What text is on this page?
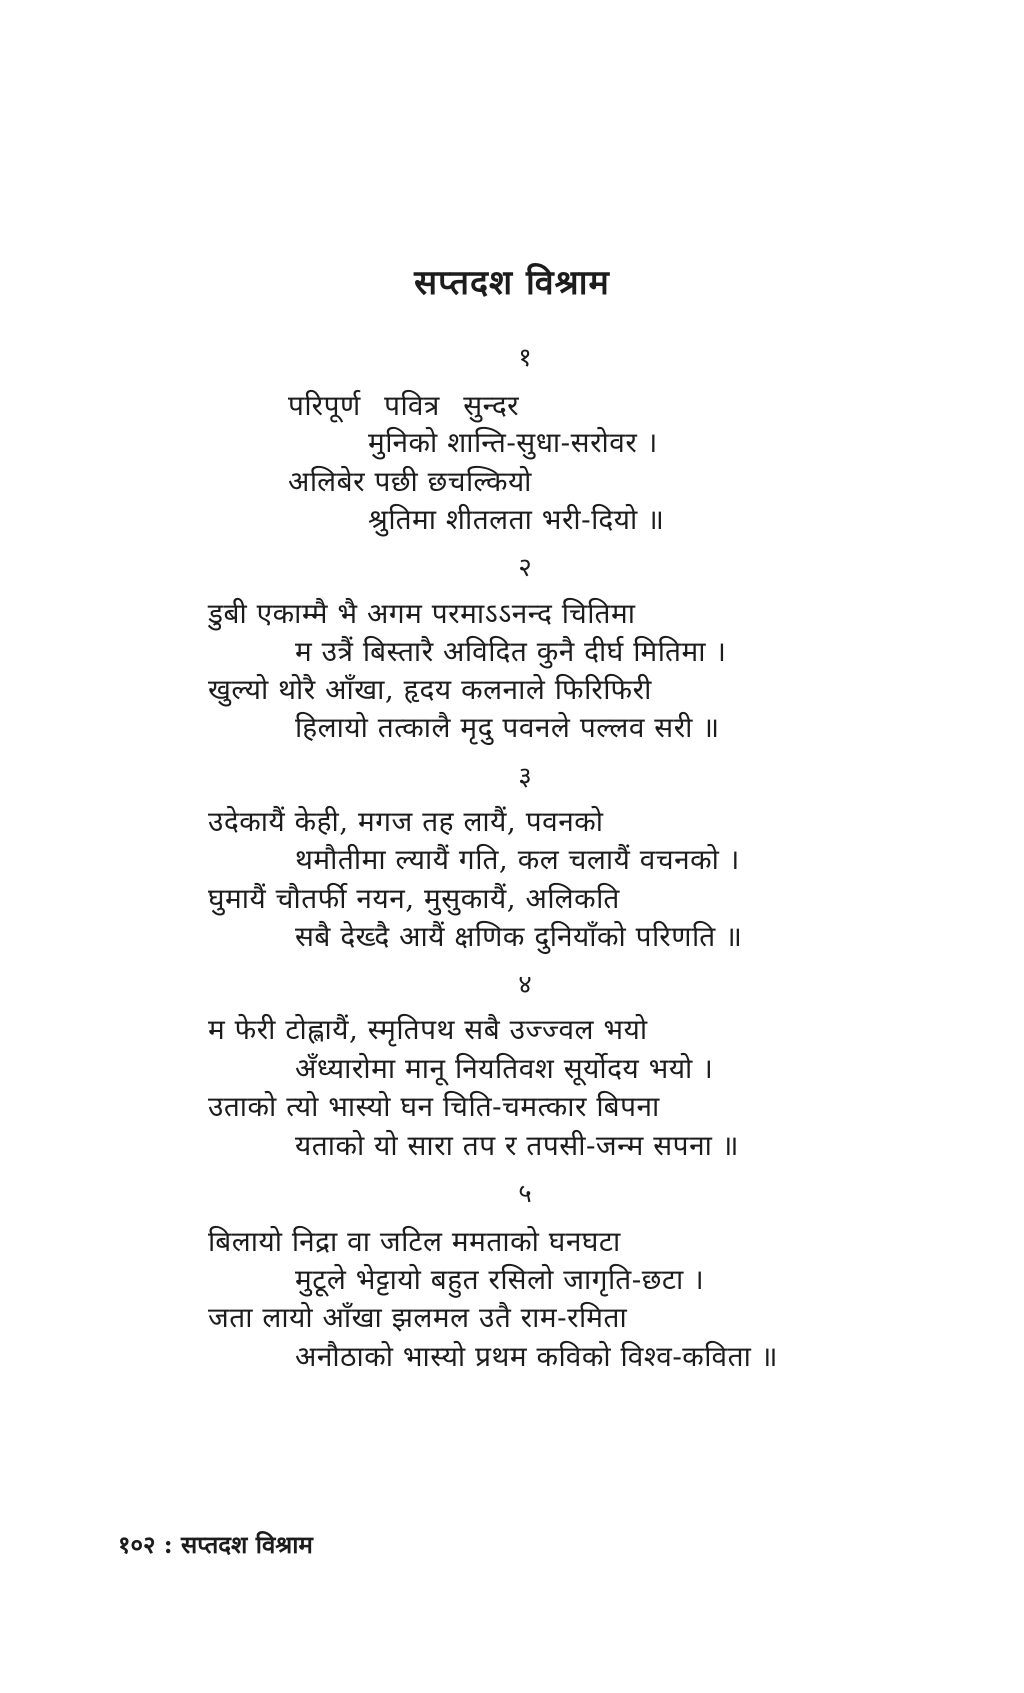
सप्तदश विश्राम
१
परिपूर्ण पवित्र सुन्दर
मुनिको शान्ति-सुधा-सरोवर ।
अलिबेर पछी छचल्कियो
श्रुतिमा शीतलता भरी-दियो ॥
२
डुबी एकाम्मै भै अगम परमाऽऽनन्द चितिमा
म उत्रैं बिस्तारै अविदित कुनै दीर्घ मितिमा ।
खुल्यो थोरै आँखा, हृदय कलनाले फिरिफिरी
हिलायो तत्कालै मृदु पवनले पल्लव सरी ॥
३
उदेकायैं केही, मगज तह लायैं, पवनको
थमौतीमा ल्यायैं गति, कल चलायैं वचनको ।
घुमायैं चौतर्फी नयन, मुसुकायैं, अलिकति
सबै देख्दै आयैं क्षणिक दुनियाँको परिणति ॥
४
म फेरी टोह्लायैं, स्मृतिपथ सबै उज्ज्वल भयो
अँध्यारोमा मानू नियतिवश सूर्योदय भयो ।
उताको त्यो भास्यो घन चिति-चमत्कार बिपना
यताको यो सारा तप र तपसी-जन्म सपना ॥
५
बिलायो निद्रा वा जटिल ममताको घनघटा
मुटूले भेट्टायो बहुत रसिलो जागृति-छटा ।
जता लायो आँखा झलमल उतै राम-रमिता
अनौठाको भास्यो प्रथम कविको विश्व-कविता ॥
१०२ : सप्तदश विश्राम
